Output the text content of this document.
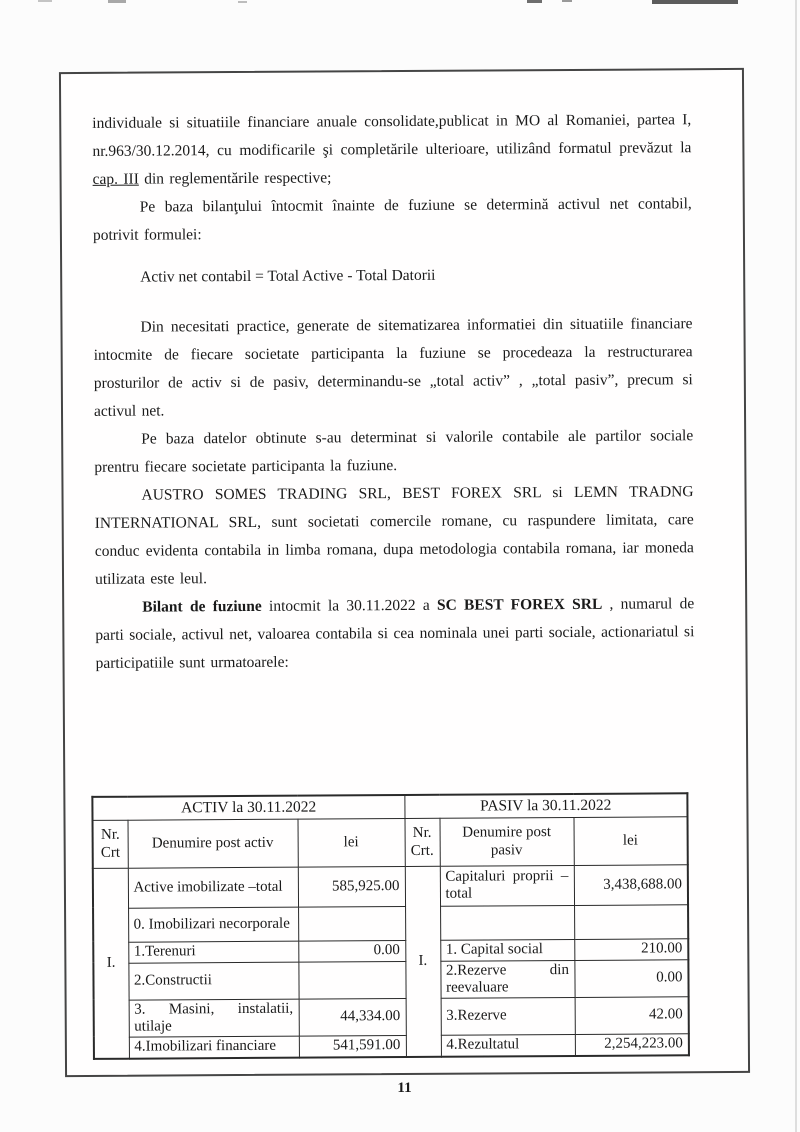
individuale si situatiile financiare anuale consolidate,publicat in MO al Romaniei, partea I, nr.963/30.12.2014, cu modificarile şi completările ulterioare, utilizând formatul prevăzut la cap. III din reglementările respective;

Pe baza bilanţului întocmit înainte de fuziune se determină activul net contabil, potrivit formulei:

Activ net contabil = Total Active - Total Datorii

Din necesitati practice, generate de sitematizarea informatiei din situatiile financiare intocmite de fiecare societate participanta la fuziune se procedeaza la restructurarea prosturilor de activ si de pasiv, determinandu-se „total activ” , „total pasiv”, precum si activul net.

Pe baza datelor obtinute s-au determinat si valorile contabile ale partilor sociale prentru fiecare societate participanta la fuziune.

AUSTRO SOMES TRADING SRL, BEST FOREX SRL si LEMN TRADNG INTERNATIONAL SRL, sunt societati comercile romane, cu raspundere limitata, care conduc evidenta contabila in limba romana, dupa metodologia contabila romana, iar moneda utilizata este leul.

Bilant de fuziune intocmit la 30.11.2022 a SC BEST FOREX SRL , numarul de parti sociale, activul net, valoarea contabila si cea nominala unei parti sociale, actionariatul si participatiile sunt urmatoarele:

ACTIV la 30.11.2022			PASIV la 30.11.2022		
Nr. Crt	Denumire post activ	lei	Nr. Crt.	Denumire post pasiv	lei
I.	Active imobilizate –total	585,925.00	I.	Capitaluri proprii – total	3,438,688.00
	0. Imobilizari necorporale				
	1.Terenuri	0.00		1. Capital social	210.00
	2.Constructii			2.Rezerve din reevaluare	0.00
	3. Masini, instalatii, utilaje	44,334.00		3.Rezerve	42.00
	4.Imobilizari financiare	541,591.00		4.Rezultatul	2,254,223.00
11
